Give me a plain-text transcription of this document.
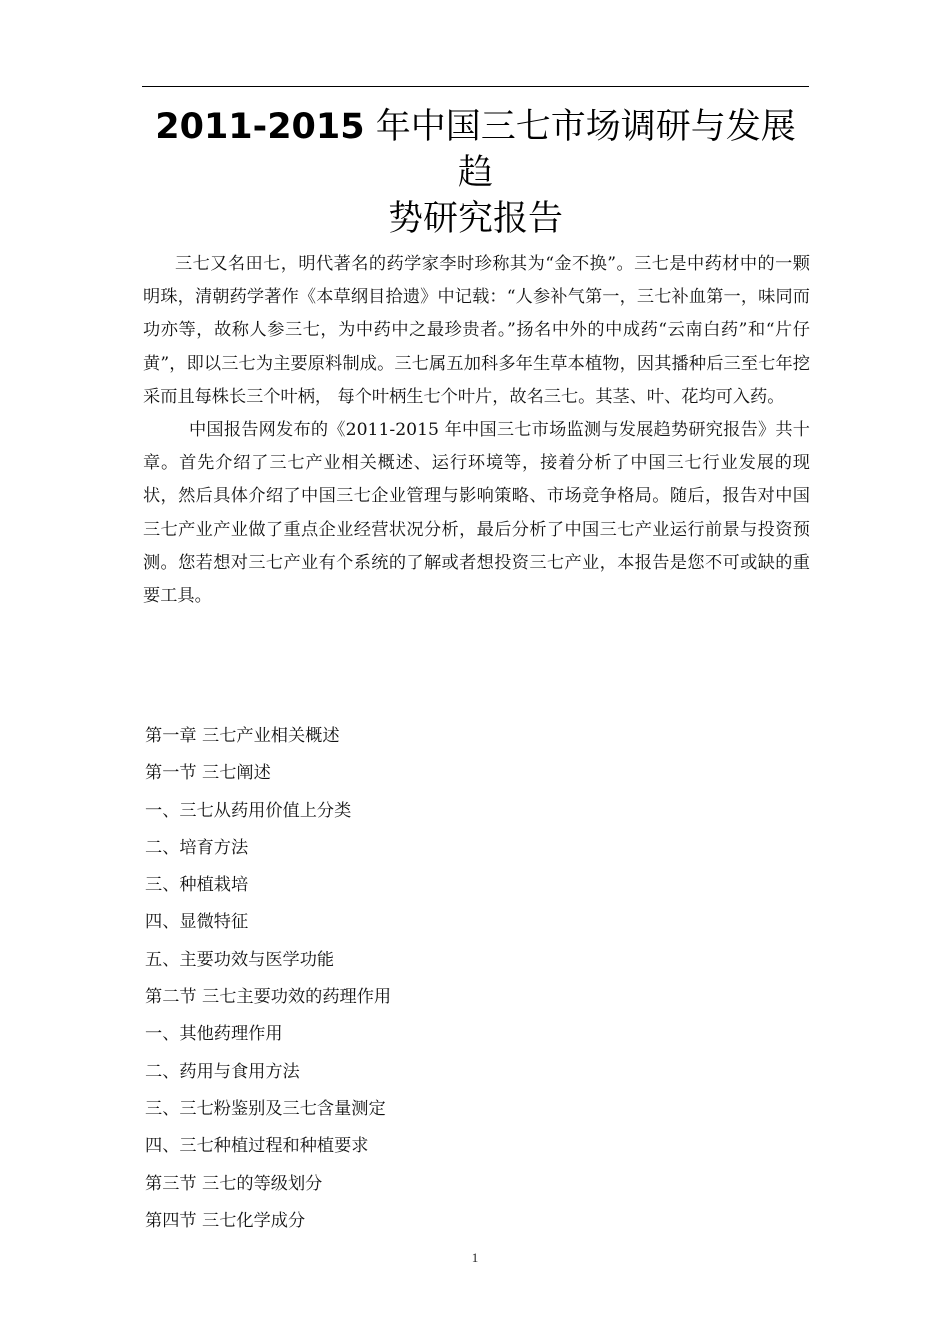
2011-2015 年中国三七市场调研与发展趋
势研究报告

三七又名田七，明代著名的药学家李时珍称其为“金不换”。三七是中药材中的一颗明珠，清朝药学著作《本草纲目拾遗》中记载：“人参补气第一，三七补血第一，味同而功亦等，故称人参三七，为中药中之最珍贵者。”扬名中外的中成药“云南白药”和“片仔黄”，即以三七为主要原料制成。三七属五加科多年生草本植物，因其播种后三至七年挖采而且每株长三个叶柄， 每个叶柄生七个叶片，故名三七。其茎、叶、花均可入药。

中国报告网发布的《2011-2015 年中国三七市场监测与发展趋势研究报告》共十章。首先介绍了三七产业相关概述、运行环境等，接着分析了中国三七行业发展的现状，然后具体介绍了中国三七企业管理与影响策略、市场竞争格局。随后，报告对中国三七产业产业做了重点企业经营状况分析，最后分析了中国三七产业运行前景与投资预测。您若想对三七产业有个系统的了解或者想投资三七产业，本报告是您不可或缺的重要工具。

第一章 三七产业相关概述
第一节 三七阐述
一、三七从药用价值上分类
二、培育方法
三、种植栽培
四、显微特征
五、主要功效与医学功能
第二节 三七主要功效的药理作用
一、其他药理作用
二、药用与食用方法
三、三七粉鉴别及三七含量测定
四、三七种植过程和种植要求
第三节 三七的等级划分
第四节 三七化学成分
1
